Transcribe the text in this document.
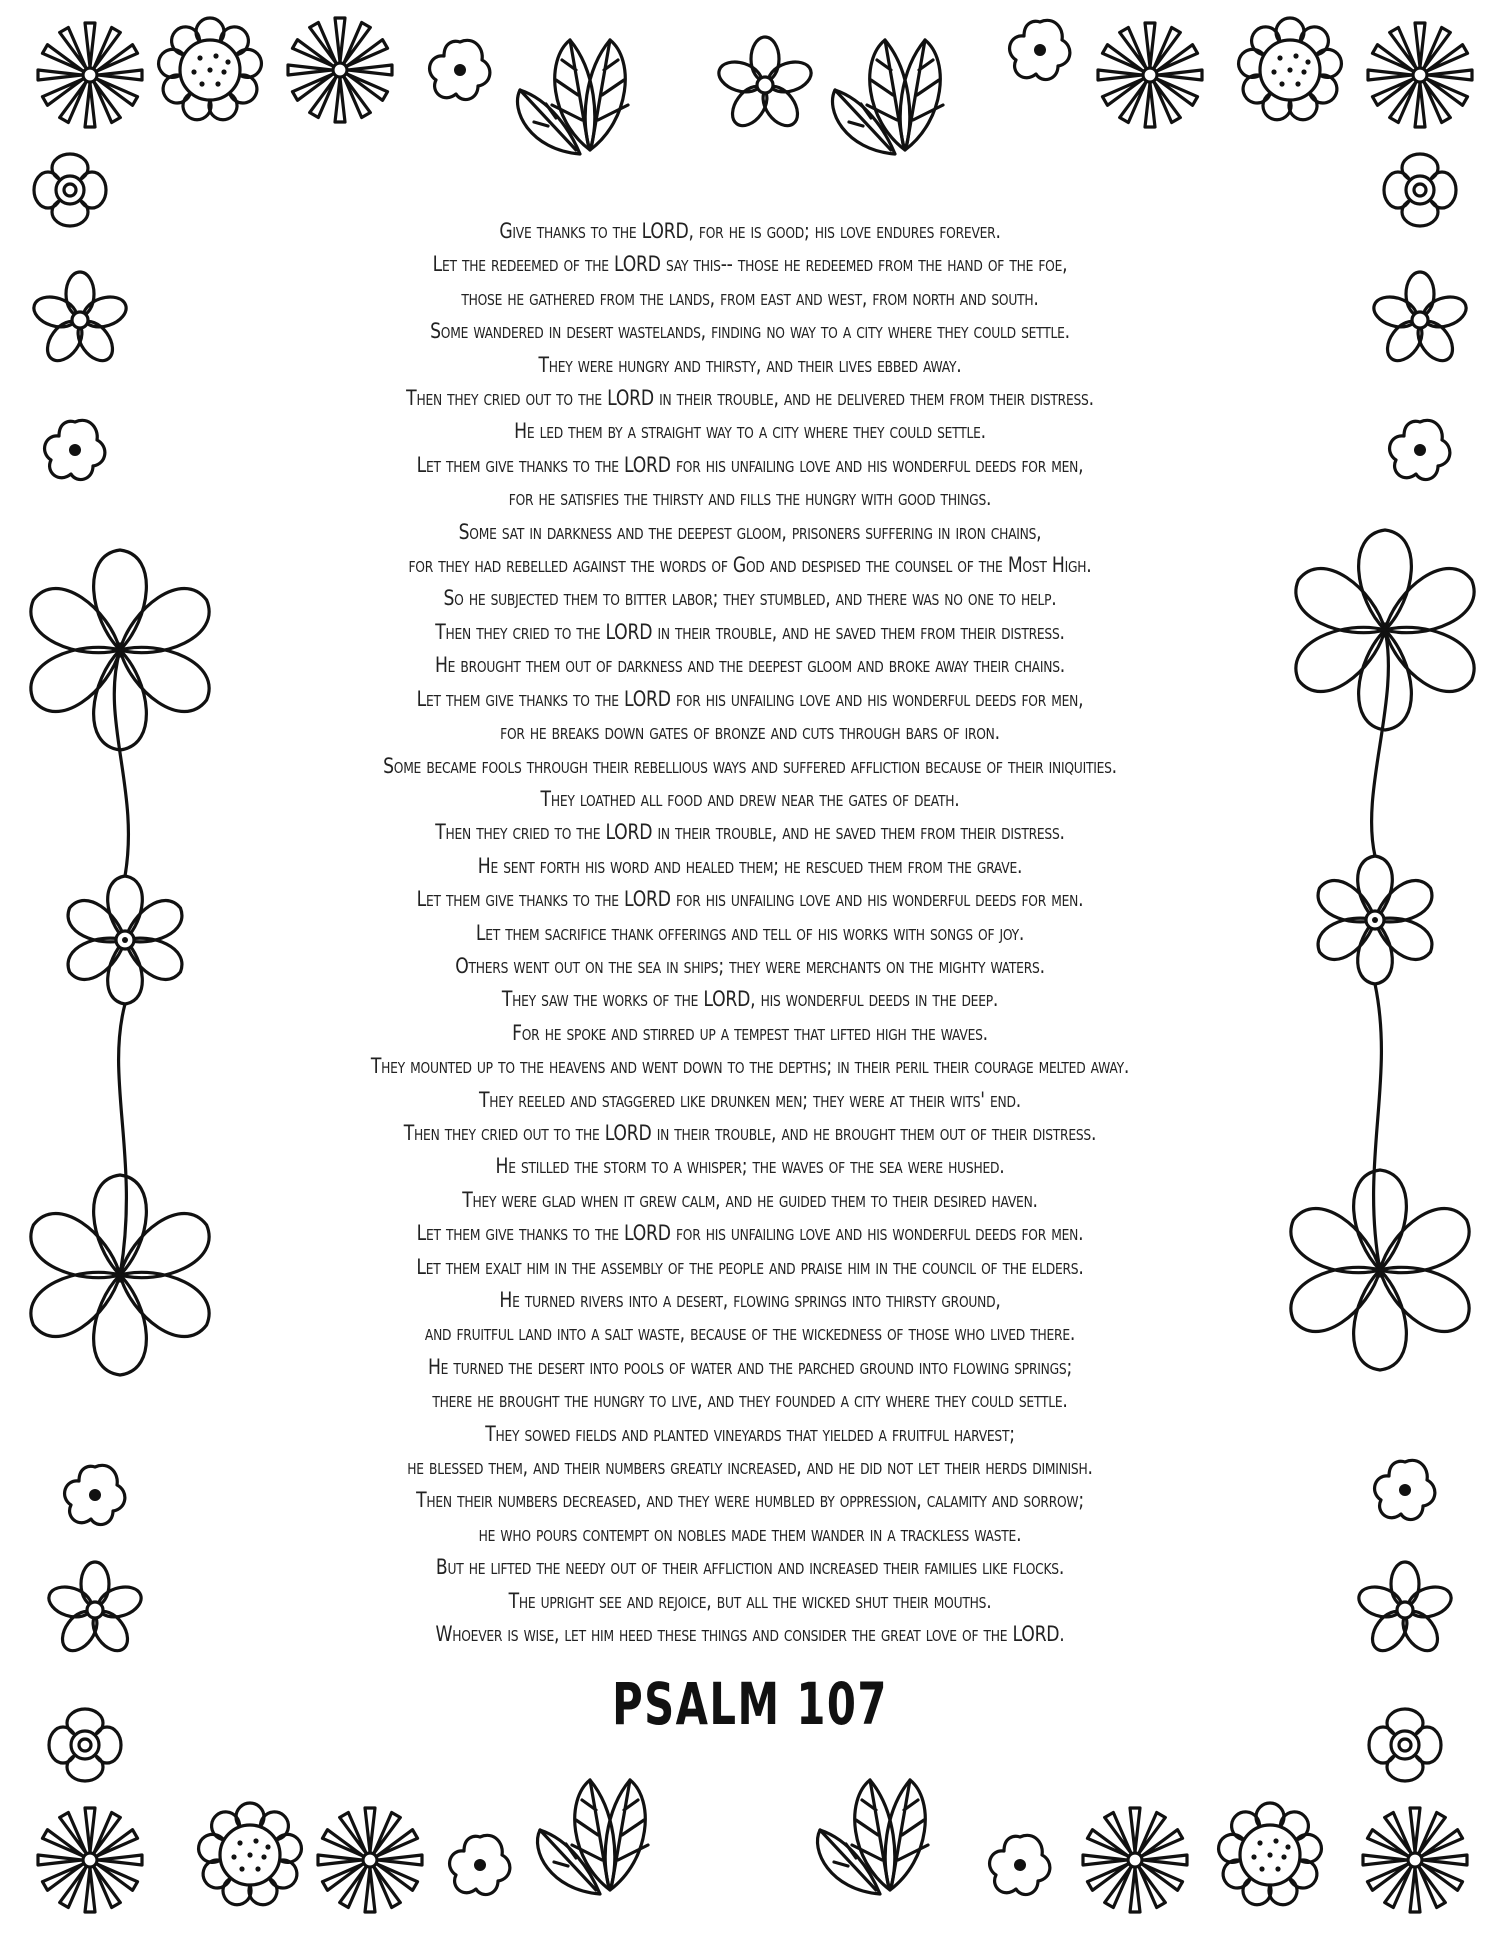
Give thanks to the LORD, for he is good; his love endures forever.
Let the redeemed of the LORD say this-- those he redeemed from the hand of the foe,
those he gathered from the lands, from east and west, from north and south.
Some wandered in desert wastelands, finding no way to a city where they could settle.
They were hungry and thirsty, and their lives ebbed away.
Then they cried out to the LORD in their trouble, and he delivered them from their distress.
He led them by a straight way to a city where they could settle.
Let them give thanks to the LORD for his unfailing love and his wonderful deeds for men,
for he satisfies the thirsty and fills the hungry with good things.
Some sat in darkness and the deepest gloom, prisoners suffering in iron chains,
for they had rebelled against the words of God and despised the counsel of the Most High.
So he subjected them to bitter labor; they stumbled, and there was no one to help.
Then they cried to the LORD in their trouble, and he saved them from their distress.
He brought them out of darkness and the deepest gloom and broke away their chains.
Let them give thanks to the LORD for his unfailing love and his wonderful deeds for men,
for he breaks down gates of bronze and cuts through bars of iron.
Some became fools through their rebellious ways and suffered affliction because of their iniquities.
They loathed all food and drew near the gates of death.
Then they cried to the LORD in their trouble, and he saved them from their distress.
He sent forth his word and healed them; he rescued them from the grave.
Let them give thanks to the LORD for his unfailing love and his wonderful deeds for men.
Let them sacrifice thank offerings and tell of his works with songs of joy.
Others went out on the sea in ships; they were merchants on the mighty waters.
They saw the works of the LORD, his wonderful deeds in the deep.
For he spoke and stirred up a tempest that lifted high the waves.
They mounted up to the heavens and went down to the depths; in their peril their courage melted away.
They reeled and staggered like drunken men; they were at their wits' end.
Then they cried out to the LORD in their trouble, and he brought them out of their distress.
He stilled the storm to a whisper; the waves of the sea were hushed.
They were glad when it grew calm, and he guided them to their desired haven.
Let them give thanks to the LORD for his unfailing love and his wonderful deeds for men.
Let them exalt him in the assembly of the people and praise him in the council of the elders.
He turned rivers into a desert, flowing springs into thirsty ground,
and fruitful land into a salt waste, because of the wickedness of those who lived there.
He turned the desert into pools of water and the parched ground into flowing springs;
there he brought the hungry to live, and they founded a city where they could settle.
They sowed fields and planted vineyards that yielded a fruitful harvest;
he blessed them, and their numbers greatly increased, and he did not let their herds diminish.
Then their numbers decreased, and they were humbled by oppression, calamity and sorrow;
he who pours contempt on nobles made them wander in a trackless waste.
But he lifted the needy out of their affliction and increased their families like flocks.
The upright see and rejoice, but all the wicked shut their mouths.
Whoever is wise, let him heed these things and consider the great love of the LORD.
PSALM 107
